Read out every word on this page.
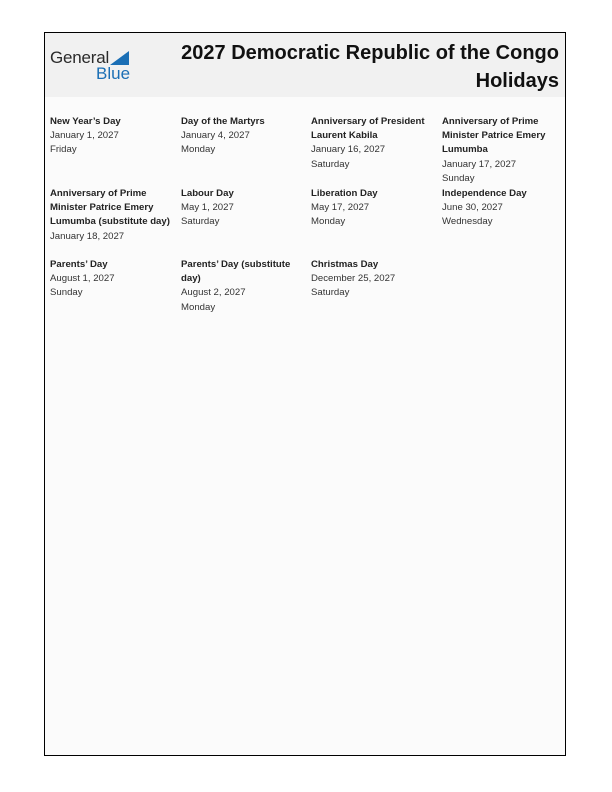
General
Blue
2027 Democratic Republic of the Congo Holidays
New Year’s Day
January 1, 2027
Friday
Day of the Martyrs
January 4, 2027
Monday
Anniversary of President Laurent Kabila
January 16, 2027
Saturday
Anniversary of Prime Minister Patrice Emery Lumumba
January 17, 2027
Sunday
Anniversary of Prime Minister Patrice Emery Lumumba (substitute day)
January 18, 2027
Labour Day
May 1, 2027
Saturday
Liberation Day
May 17, 2027
Monday
Independence Day
June 30, 2027
Wednesday
Parents’ Day
August 1, 2027
Sunday
Parents’ Day (substitute day)
August 2, 2027
Monday
Christmas Day
December 25, 2027
Saturday
